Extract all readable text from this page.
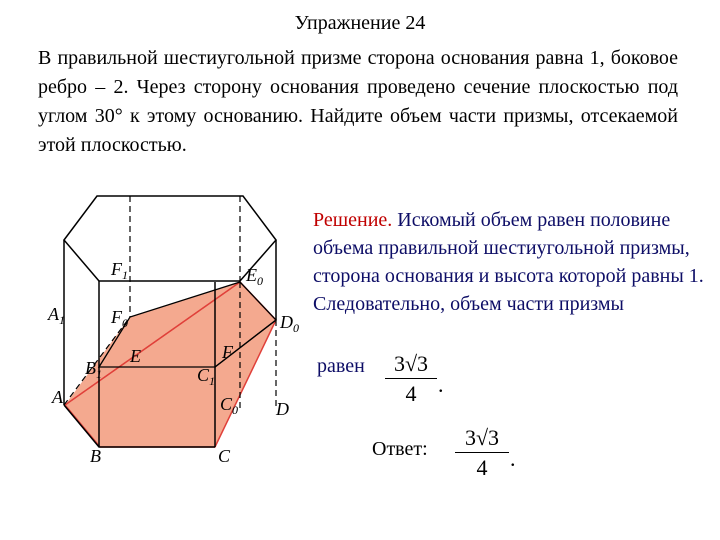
Упражнение 24
В правильной шестиугольной призме сторона основания равна 1, боковое ребро – 2. Через сторону основания проведено сечение плоскостью под углом 30° к этому основанию. Найдите объем части призмы, отсекаемой этой плоскостью.
Решение. Искомый объем равен половине объема правильной шестиугольной призмы, сторона основания и высота которой равны 1. Следовательно, объем части призмы
равен	3√3
4 .
Ответ:	3√3
4	.
$F_1$	$E_0$
$A_1$	$F_0$	$D_0$
$B_1$
E	F
$C_1$
A	$C_0$ D
B	C
